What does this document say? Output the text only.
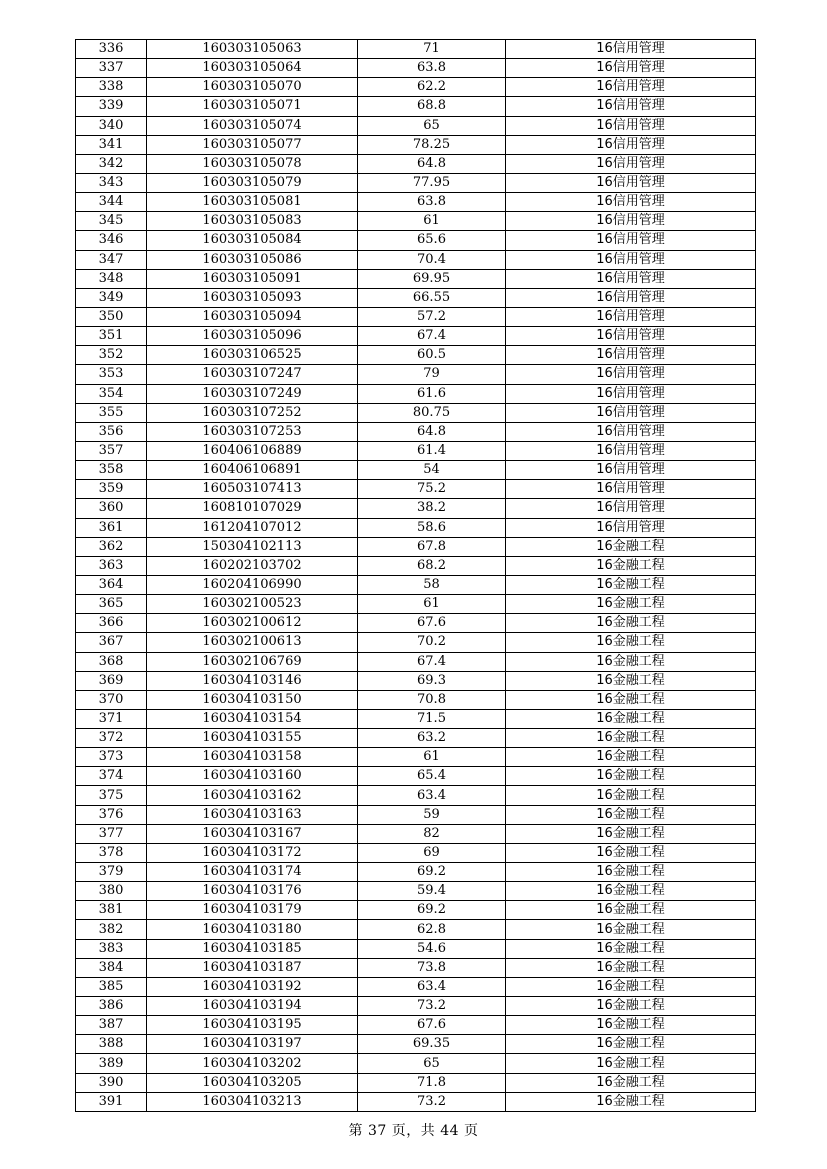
336	160303105063	71	16信用管理
337	160303105064	63.8	16信用管理
338	160303105070	62.2	16信用管理
339	160303105071	68.8	16信用管理
340	160303105074	65	16信用管理
341	160303105077	78.25	16信用管理
342	160303105078	64.8	16信用管理
343	160303105079	77.95	16信用管理
344	160303105081	63.8	16信用管理
345	160303105083	61	16信用管理
346	160303105084	65.6	16信用管理
347	160303105086	70.4	16信用管理
348	160303105091	69.95	16信用管理
349	160303105093	66.55	16信用管理
350	160303105094	57.2	16信用管理
351	160303105096	67.4	16信用管理
352	160303106525	60.5	16信用管理
353	160303107247	79	16信用管理
354	160303107249	61.6	16信用管理
355	160303107252	80.75	16信用管理
356	160303107253	64.8	16信用管理
357	160406106889	61.4	16信用管理
358	160406106891	54	16信用管理
359	160503107413	75.2	16信用管理
360	160810107029	38.2	16信用管理
361	161204107012	58.6	16信用管理
362	150304102113	67.8	16金融工程
363	160202103702	68.2	16金融工程
364	160204106990	58	16金融工程
365	160302100523	61	16金融工程
366	160302100612	67.6	16金融工程
367	160302100613	70.2	16金融工程
368	160302106769	67.4	16金融工程
369	160304103146	69.3	16金融工程
370	160304103150	70.8	16金融工程
371	160304103154	71.5	16金融工程
372	160304103155	63.2	16金融工程
373	160304103158	61	16金融工程
374	160304103160	65.4	16金融工程
375	160304103162	63.4	16金融工程
376	160304103163	59	16金融工程
377	160304103167	82	16金融工程
378	160304103172	69	16金融工程
379	160304103174	69.2	16金融工程
380	160304103176	59.4	16金融工程
381	160304103179	69.2	16金融工程
382	160304103180	62.8	16金融工程
383	160304103185	54.6	16金融工程
384	160304103187	73.8	16金融工程
385	160304103192	63.4	16金融工程
386	160304103194	73.2	16金融工程
387	160304103195	67.6	16金融工程
388	160304103197	69.35	16金融工程
389	160304103202	65	16金融工程
390	160304103205	71.8	16金融工程
391	160304103213	73.2	16金融工程
第 37 页，共 44 页
